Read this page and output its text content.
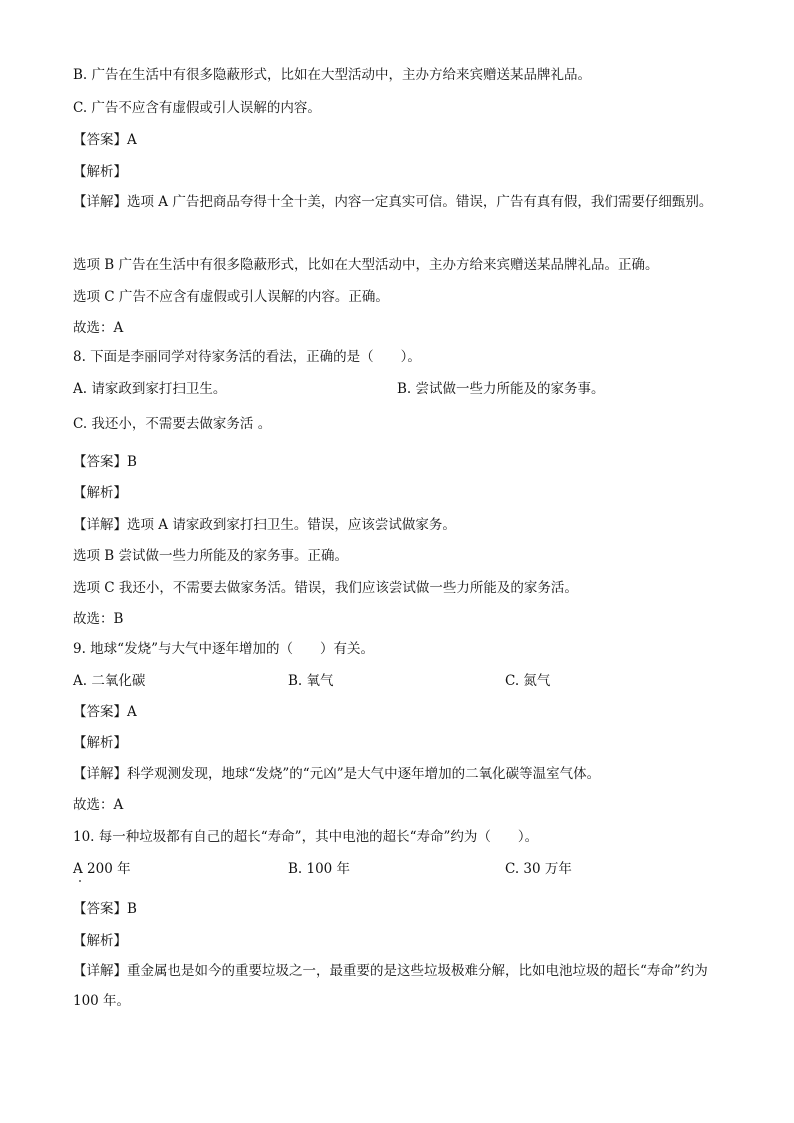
B. 广告在生活中有很多隐蔽形式，比如在大型活动中，主办方给来宾赠送某品牌礼品。
C. 广告不应含有虚假或引人误解的内容。
【答案】A
【解析】
【详解】选项 A 广告把商品夸得十全十美，内容一定真实可信。错误，广告有真有假，我们需要仔细甄别。
选项 B 广告在生活中有很多隐蔽形式，比如在大型活动中，主办方给来宾赠送某品牌礼品。正确。
选项 C 广告不应含有虚假或引人误解的内容。正确。
故选：A
8. 下面是李丽同学对待家务活的看法，正确的是（　　）。
A. 请家政到家打扫卫生。	B. 尝试做一些力所能及的家务事。
C. 我还小，不需要去做家务活 。
【答案】B
【解析】
【详解】选项 A 请家政到家打扫卫生。错误，应该尝试做家务。
选项 B 尝试做一些力所能及的家务事。正确。
选项 C 我还小，不需要去做家务活。错误，我们应该尝试做一些力所能及的家务活。
故选：B
9. 地球“发烧”与大气中逐年增加的（　　）有关。
A. 二氧化碳	B. 氧气	C. 氮气
【答案】A
【解析】
【详解】科学观测发现，地球“发烧”的“元凶”是大气中逐年增加的二氧化碳等温室气体。
故选：A
10. 每一种垃圾都有自己的超长“寿命”，其中电池的超长“寿命”约为（　　）。
A 200 年	B. 100 年	C. 30 万年
【答案】B
【解析】
【详解】重金属也是如今的重要垃圾之一，最重要的是这些垃圾极难分解，比如电池垃圾的超长“寿命”约为 100 年。
